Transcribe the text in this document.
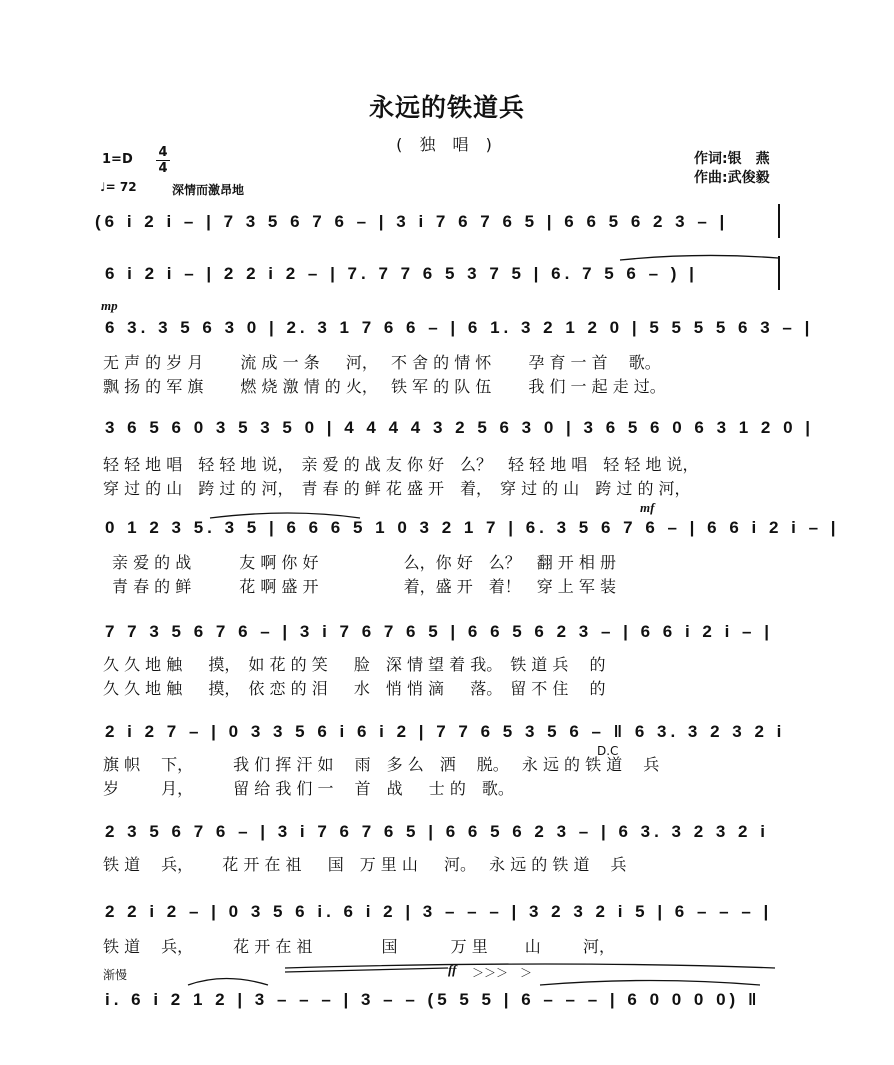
永远的铁道兵
( 独 唱 )
1=D 4
4
♩= 72	深情而激昂地
作词:银　燕
作曲:武俊毅
(6 i 2 i – | 7 3 5 6 7 6 – | 3 i 7 6 7 6 5 | 6 6 5 6 2 3 – |
6 i 2 i – | 2 2 i 2 – | 7. 7 7 6 5 3 7 5 | 6. 7 5 6 – ) |
mp
6 3. 3 5 6 3 0 | 2. 3 1 7 6 6 – | 6 1. 3 2 1 2 0 | 5 5 5 5 6 3 – |
无 声 的 岁 月　　 流 成 一 条 　 河，　 不 舍 的 情 怀 　　孕 育 一 首 　歌。
飘 扬 的 军 旗　　 燃 烧 激 情 的 火，　 铁 军 的 队 伍 　　我 们 一 起 走 过。
3 6 5 6 0 3 5 3 5 0 | 4 4 4 4 3 2 5 6 3 0 | 3 6 5 6 0 6 3 1 2 0 |
轻 轻 地 唱　轻 轻 地 说，　亲 爱 的 战 友 你 好　么？　轻 轻 地 唱　轻 轻 地 说，
穿 过 的 山　跨 过 的 河，　青 春 的 鲜 花 盛 开　着，　穿 过 的 山　跨 过 的 河，
mf
0 1 2 3 5. 3 5 | 6 6 6 5 1 0 3 2 1 7 | 6. 3 5 6 7 6 – | 6 6 i 2 i – |
亲 爱 的 战　　　友 啊 你 好　　　　　 么，你 好　么？　翻 开 相 册
青 春 的 鲜　　　花 啊 盛 开　　　　　 着，盛 开　着！　穿 上 军 装
7 7 3 5 6 7 6 – | 3 i 7 6 7 6 5 | 6 6 5 6 2 3 – | 6 6 i 2 i – |
久 久 地 触 　 摸，　如 花 的 笑 　 脸　深 情 望 着 我。　铁 道 兵 　的
久 久 地 触 　 摸，　依 恋 的 泪 　 水　悄 悄 滴 　 落。　留 不 住 　的
2 i 2 7 – | 0 3 3 5 6 i 6 i 2 | 7 7 6 5 3 5 6 – ‖ 6 3. 3 2 3 2 i
D.C
旗 帜 　下，　　　我 们 挥 汗 如 　雨　多 么　洒 　脱。　 永 远 的 铁 道 　兵
岁 　　 月，　　　留 给 我 们 一 　首　战 　 士 的　歌。　
2 3 5 6 7 6 – | 3 i 7 6 7 6 5 | 6 6 5 6 2 3 – | 6 3. 3 2 3 2 i
铁 道 　兵，　　 花 开 在 祖 　 国　万 里 山 　 河。　 永 远 的 铁 道 　兵
2 2 i 2 – | 0 3 5 6 i. 6 i 2 | 3 – – – | 3 2 3 2 i 5 | 6 – – – |
铁 道 　兵，　　　花 开 在 祖 　　　　国 　　　万 里 　　山 　　 河，
渐慢	ff ＞＞＞　＞
i. 6 i 2 1 2 | 3 – – – | 3 – – (5 5 5 | 6 – – – | 6 0 0 0 0) ‖
